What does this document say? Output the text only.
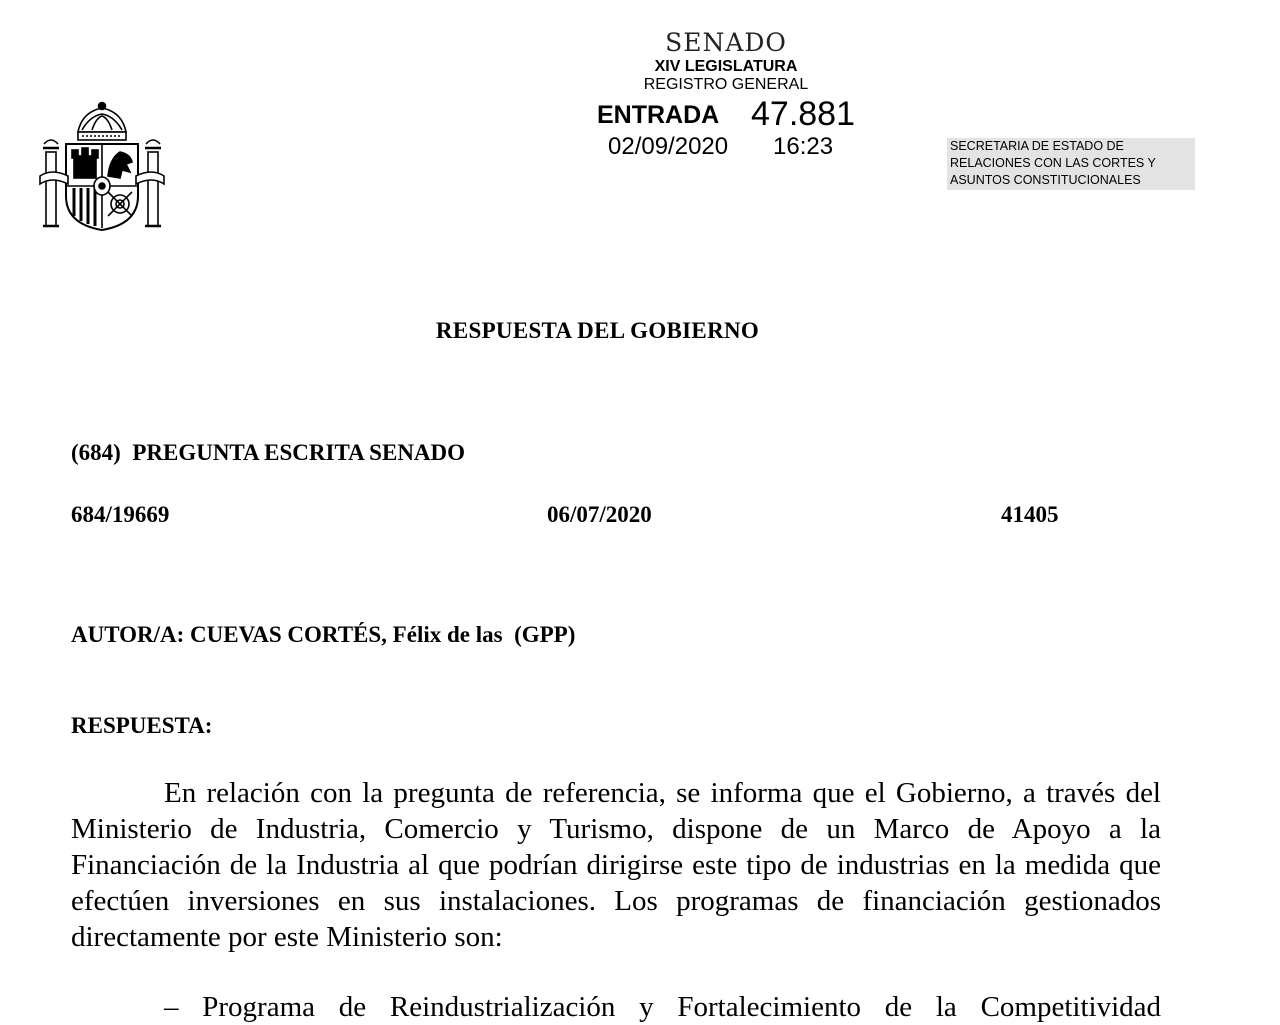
SENADO
XIV LEGISLATURA
REGISTRO GENERAL
ENTRADA 47.881
02/09/2020 16:23	SECRETARIA DE ESTADO DE
RELACIONES CON LAS CORTES Y
ASUNTOS CONSTITUCIONALES
RESPUESTA DEL GOBIERNO
(684)  PREGUNTA ESCRITA SENADO
684/19669	06/07/2020	41405
AUTOR/A: CUEVAS CORTÉS, Félix de las  (GPP)
RESPUESTA:

En relación con la pregunta de referencia, se informa que el Gobierno, a través del Ministerio de Industria, Comercio y Turismo, dispone de un Marco de Apoyo a la Financiación de la Industria al que podrían dirigirse este tipo de industrias en la medida que efectúen inversiones en sus instalaciones. Los programas de financiación gestionados directamente por este Ministerio son:

– Programa de Reindustrialización y Fortalecimiento de la Competitividad
